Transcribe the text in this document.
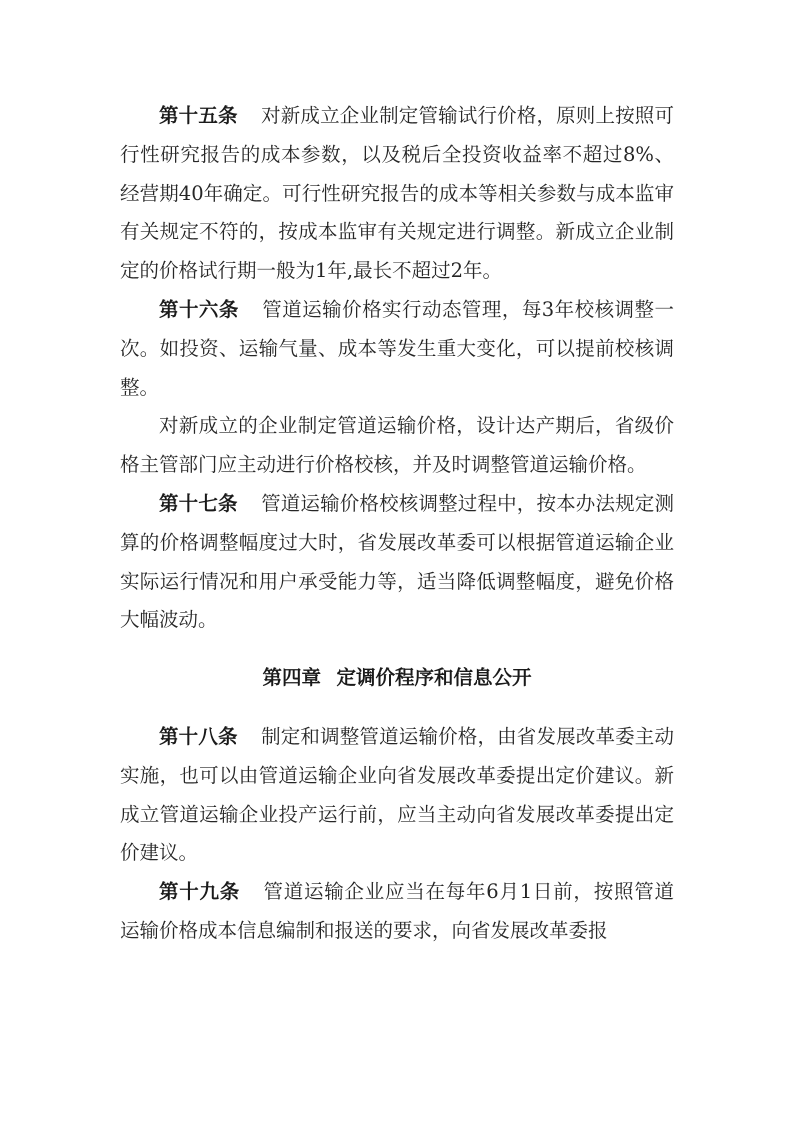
第十五条 对新成立企业制定管输试行价格，原则上按照可行性研究报告的成本参数，以及税后全投资收益率不超过8%、经营期40年确定。可行性研究报告的成本等相关参数与成本监审有关规定不符的，按成本监审有关规定进行调整。新成立企业制定的价格试行期一般为1年,最长不超过2年。

第十六条 管道运输价格实行动态管理，每3年校核调整一次。如投资、运输气量、成本等发生重大变化，可以提前校核调整。

对新成立的企业制定管道运输价格，设计达产期后，省级价格主管部门应主动进行价格校核，并及时调整管道运输价格。

第十七条 管道运输价格校核调整过程中，按本办法规定测算的价格调整幅度过大时，省发展改革委可以根据管道运输企业实际运行情况和用户承受能力等，适当降低调整幅度，避免价格大幅波动。

第四章 定调价程序和信息公开

第十八条 制定和调整管道运输价格，由省发展改革委主动实施，也可以由管道运输企业向省发展改革委提出定价建议。新成立管道运输企业投产运行前，应当主动向省发展改革委提出定价建议。

第十九条 管道运输企业应当在每年6月1日前，按照管道运输价格成本信息编制和报送的要求，向省发展改革委报
